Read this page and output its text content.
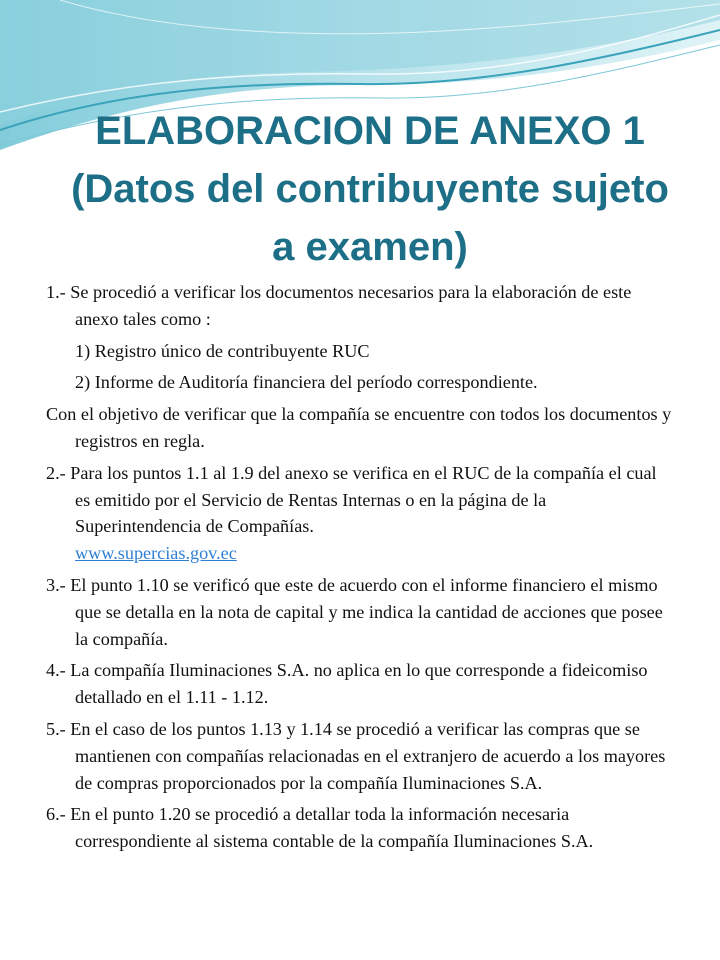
ELABORACION DE ANEXO 1
(Datos del contribuyente sujeto
a examen)

1.- Se procedió a verificar los documentos necesarios para la elaboración de este anexo tales como :

1) Registro único de contribuyente RUC

2) Informe de Auditoría financiera del período correspondiente.

Con el objetivo de verificar que la compañía se encuentre con todos los documentos y registros en regla.

2.- Para los puntos 1.1 al 1.9 del anexo se verifica en el RUC de la compañía el cual es emitido por el Servicio de Rentas Internas o en la página de la Superintendencia de Compañías.
www.supercias.gov.ec

3.- El punto 1.10 se verificó que este de acuerdo con el informe financiero el mismo que se detalla en la nota de capital y me indica la cantidad de acciones que posee la compañía.

4.- La compañía Iluminaciones S.A. no aplica en lo que corresponde a fideicomiso detallado en el 1.11 - 1.12.

5.- En el caso de los puntos 1.13 y 1.14 se procedió a verificar las compras que se mantienen con compañías relacionadas en el extranjero de acuerdo a los mayores de compras proporcionados por la compañía Iluminaciones S.A.

6.- En el punto 1.20 se procedió a detallar toda la información necesaria correspondiente al sistema contable de la compañía Iluminaciones S.A.
